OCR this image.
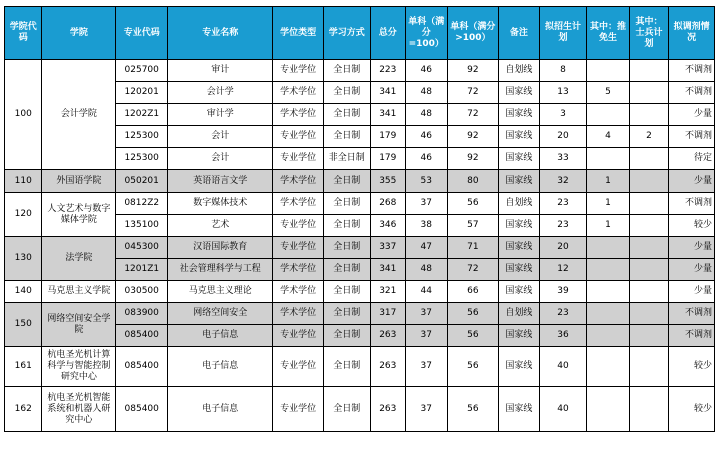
学院代码	学院	专业代码	专业名称	学位类型	学习方式	总分	单科（满分=100）	单科（满分>100）	备注	拟招生计划	其中：推免生	其中：士兵计划	拟调剂情况
100	会计学院	025700	审计	专业学位	全日制	223	46	92	自划线	8			不调剂
		120201	会计学	学术学位	全日制	341	48	72	国家线	13	5		不调剂
		1202Z1	审计学	学术学位	全日制	341	48	72	国家线	3			少量
		125300	会计	专业学位	全日制	179	46	92	国家线	20	4	2	不调剂
		125300	会计	专业学位	非全日制	179	46	92	国家线	33			待定
110	外国语学院	050201	英语语言文学	学术学位	全日制	355	53	80	国家线	32	1		少量
120	人文艺术与数字媒体学院	0812Z2	数字媒体技术	学术学位	全日制	268	37	56	自划线	23	1		不调剂
		135100	艺术	专业学位	全日制	346	38	57	国家线	23	1		较少
130	法学院	045300	汉语国际教育	专业学位	全日制	337	47	71	国家线	20			少量
		1201Z1	社会管理科学与工程	学术学位	全日制	341	48	72	国家线	12			少量
140	马克思主义学院	030500	马克思主义理论	学术学位	全日制	321	44	66	国家线	39			少量
150	网络空间安全学院	083900	网络空间安全	学术学位	全日制	317	37	56	自划线	23			不调剂
		085400	电子信息	专业学位	全日制	263	37	56	国家线	36			不调剂
161	杭电圣光机计算科学与智能控制研究中心	085400	电子信息	专业学位	全日制	263	37	56	国家线	40			较少
162	杭电圣光机智能系统和机器人研究中心	085400	电子信息	专业学位	全日制	263	37	56	国家线	40			较少
